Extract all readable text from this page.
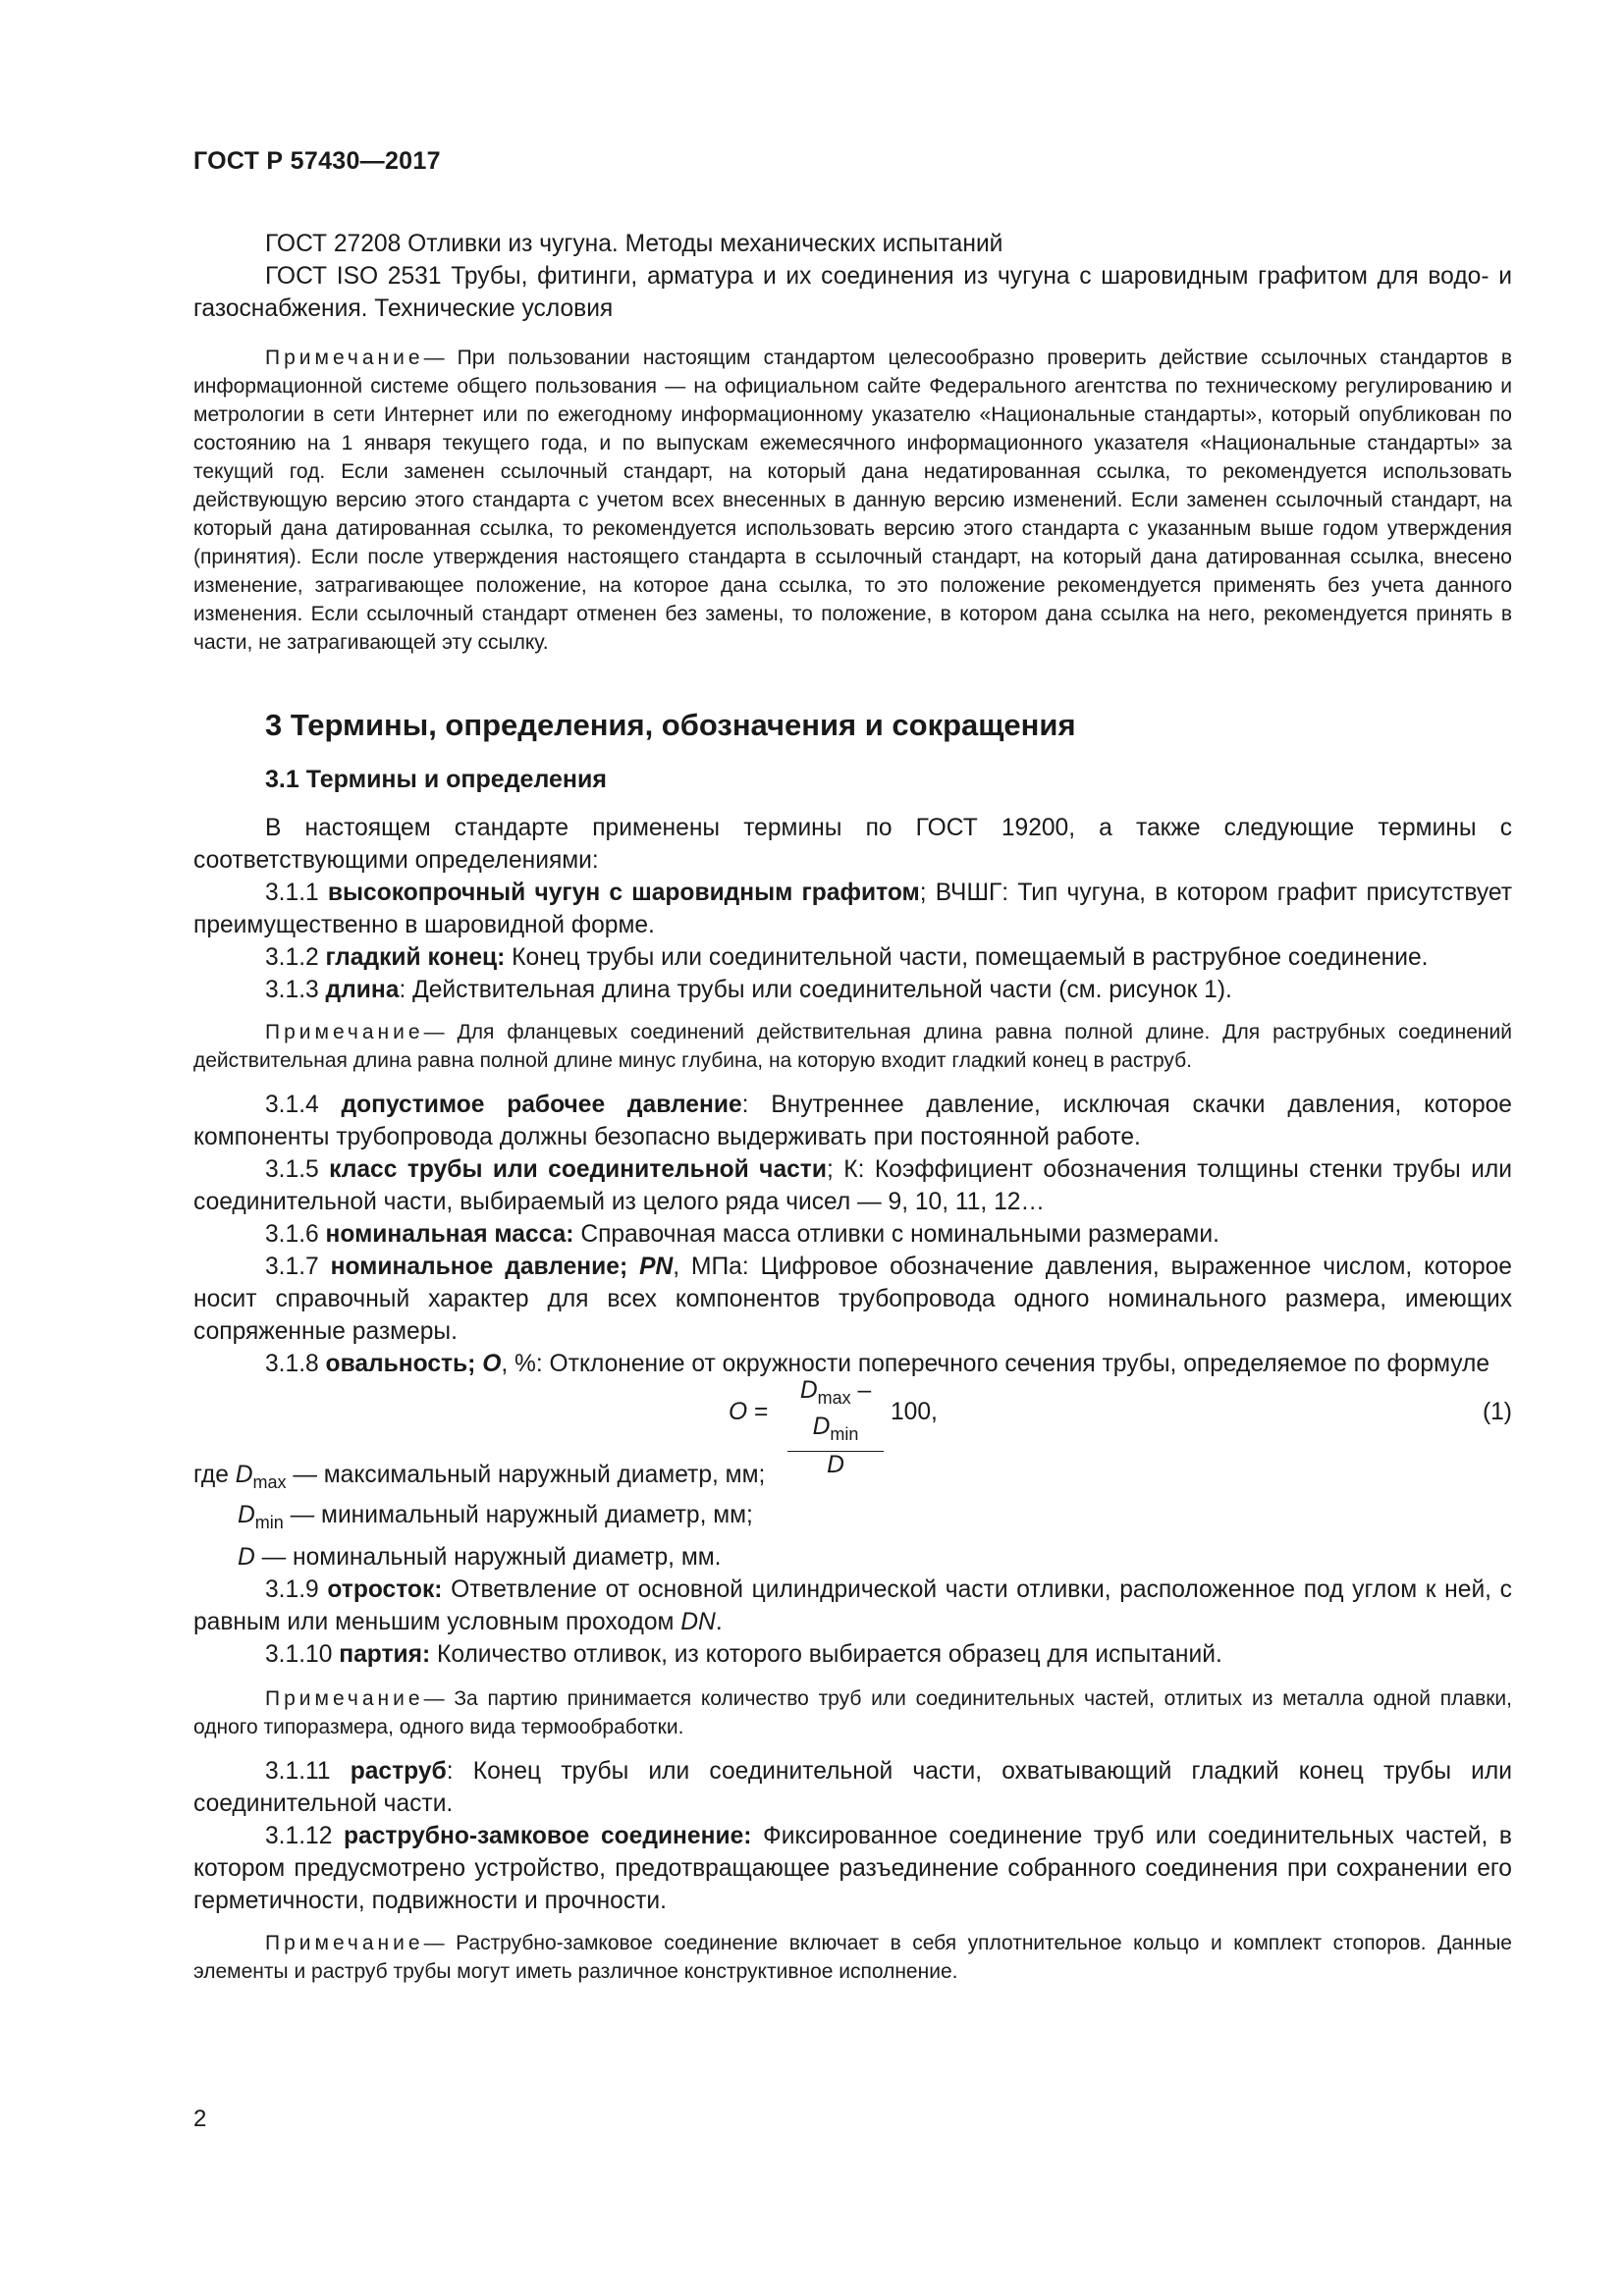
ГОСТ Р 57430—2017

ГОСТ 27208 Отливки из чугуна. Методы механических испытаний

ГОСТ ISO 2531 Трубы, фитинги, арматура и их соединения из чугуна с шаровидным графитом для водо- и газоснабжения. Технические условия

Примечание— При пользовании настоящим стандартом целесообразно проверить действие ссылочных стандартов в информационной системе общего пользования — на официальном сайте Федерального агентства по техническому регулированию и метрологии в сети Интернет или по ежегодному информационному указателю «Национальные стандарты», который опубликован по состоянию на 1 января текущего года, и по выпускам ежемесячного информационного указателя «Национальные стандарты» за текущий год. Если заменен ссылочный стандарт, на который дана недатированная ссылка, то рекомендуется использовать действующую версию этого стандарта с учетом всех внесенных в данную версию изменений. Если заменен ссылочный стандарт, на который дана датированная ссылка, то рекомендуется использовать версию этого стандарта с указанным выше годом утверждения (принятия). Если после утверждения настоящего стандарта в ссылочный стандарт, на который дана датированная ссылка, внесено изменение, затрагивающее положение, на которое дана ссылка, то это положение рекомендуется применять без учета данного изменения. Если ссылочный стандарт отменен без замены, то положение, в котором дана ссылка на него, рекомендуется принять в части, не затрагивающей эту ссылку.

3 Термины, определения, обозначения и сокращения
3.1 Термины и определения

В настоящем стандарте применены термины по ГОСТ 19200, а также следующие термины с соответствующими определениями:

3.1.1 высокопрочный чугун с шаровидным графитом; ВЧШГ: Тип чугуна, в котором графит присутствует преимущественно в шаровидной форме.

3.1.2 гладкий конец: Конец трубы или соединительной части, помещаемый в раструбное соединение.

3.1.3 длина: Действительная длина трубы или соединительной части (см. рисунок 1).

Примечание— Для фланцевых соединений действительная длина равна полной длине. Для раструбных соединений действительная длина равна полной длине минус глубина, на которую входит гладкий конец в раструб.

3.1.4 допустимое рабочее давление: Внутреннее давление, исключая скачки давления, которое компоненты трубопровода должны безопасно выдерживать при постоянной работе.

3.1.5 класс трубы или соединительной части; К: Коэффициент обозначения толщины стенки трубы или соединительной части, выбираемый из целого ряда чисел — 9, 10, 11, 12…

3.1.6 номинальная масса: Справочная масса отливки с номинальными размерами.

3.1.7 номинальное давление; PN, МПа: Цифровое обозначение давления, выраженное числом, которое носит справочный характер для всех компонентов трубопровода одного номинального размера, имеющих сопряженные размеры.

3.1.8 овальность; O, %: Отклонение от окружности поперечного сечения трубы, определяемое по формуле

O =
$D_{max} - D_{min}$
D
100,	(1)

где $D_{max}$ — максимальный наружный диаметр, мм;

$D_{min}$ — минимальный наружный диаметр, мм;

D — номинальный наружный диаметр, мм.

3.1.9 отросток: Ответвление от основной цилиндрической части отливки, расположенное под углом к ней, с равным или меньшим условным проходом DN.

3.1.10 партия: Количество отливок, из которого выбирается образец для испытаний.

Примечание— За партию принимается количество труб или соединительных частей, отлитых из металла одной плавки, одного типоразмера, одного вида термообработки.

3.1.11 раструб: Конец трубы или соединительной части, охватывающий гладкий конец трубы или соединительной части.

3.1.12 раструбно-замковое соединение: Фиксированное соединение труб или соединительных частей, в котором предусмотрено устройство, предотвращающее разъединение собранного соединения при сохранении его герметичности, подвижности и прочности.

Примечание— Раструбно-замковое соединение включает в себя уплотнительное кольцо и комплект стопоров. Данные элементы и раструб трубы могут иметь различное конструктивное исполнение.

2
